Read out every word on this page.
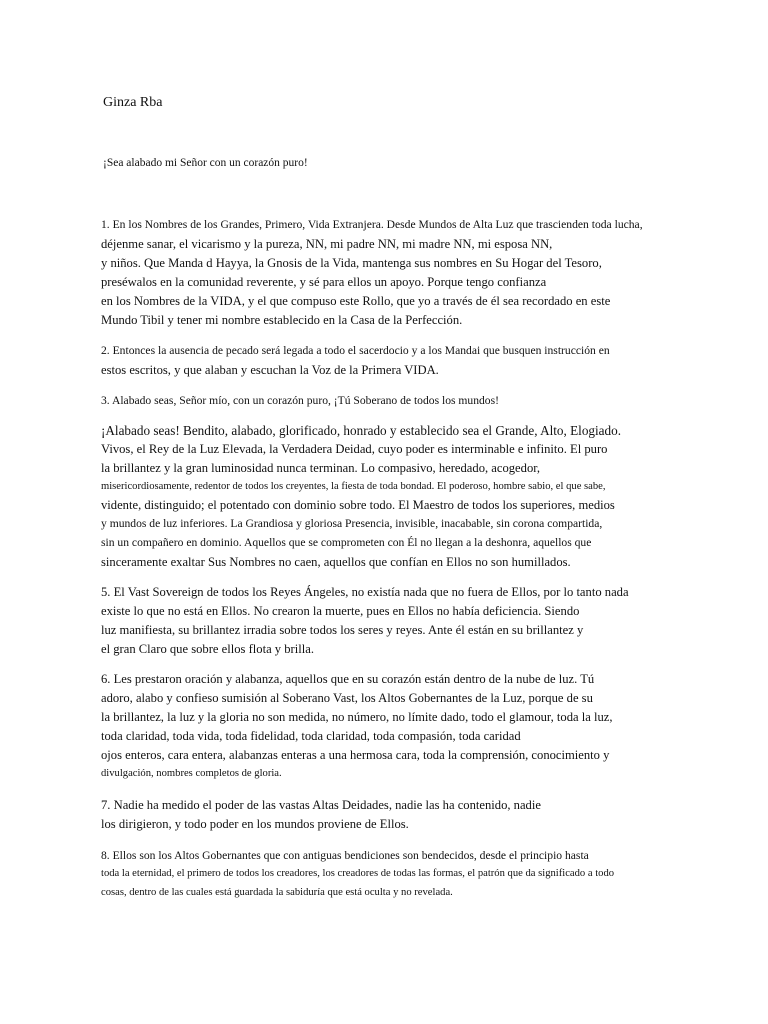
Ginza Rba
¡Sea alabado mi Señor con un corazón puro!
1. En los Nombres de los Grandes, Primero, Vida Extranjera. Desde Mundos de Alta Luz que trascienden toda lucha,
déjenme sanar, el vicarismo y la pureza, NN, mi padre NN, mi madre NN, mi esposa NN,
y niños. Que Manda d Hayya, la Gnosis de la Vida, mantenga sus nombres en Su Hogar del Tesoro,
preséwalos en la comunidad reverente, y sé para ellos un apoyo. Porque tengo confianza
en los Nombres de la VIDA, y el que compuso este Rollo, que yo a través de él sea recordado en este
Mundo Tibil y tener mi nombre establecido en la Casa de la Perfección.
2. Entonces la ausencia de pecado será legada a todo el sacerdocio y a los Mandai que busquen instrucción en
estos escritos, y que alaban y escuchan la Voz de la Primera VIDA.
3. Alabado seas, Señor mío, con un corazón puro, ¡Tú Soberano de todos los mundos!
¡Alabado seas! Bendito, alabado, glorificado, honrado y establecido sea el Grande, Alto, Elogiado.
Vivos, el Rey de la Luz Elevada, la Verdadera Deidad, cuyo poder es interminable e infinito. El puro
la brillantez y la gran luminosidad nunca terminan. Lo compasivo, heredado, acogedor,
misericordiosamente, redentor de todos los creyentes, la fiesta de toda bondad. El poderoso, hombre sabio, el que sabe,
vidente, distinguido; el potentado con dominio sobre todo. El Maestro de todos los superiores, medios
y mundos de luz inferiores. La Grandiosa y gloriosa Presencia, invisible, inacabable, sin corona compartida,
sin un compañero en dominio. Aquellos que se comprometen con Él no llegan a la deshonra, aquellos que
sinceramente exaltar Sus Nombres no caen, aquellos que confían en Ellos no son humillados.
5. El Vast Sovereign de todos los Reyes Ángeles, no existía nada que no fuera de Ellos, por lo tanto nada
existe lo que no está en Ellos. No crearon la muerte, pues en Ellos no había deficiencia. Siendo
luz manifiesta, su brillantez irradia sobre todos los seres y reyes. Ante él están en su brillantez y
el gran Claro que sobre ellos flota y brilla.
6. Les prestaron oración y alabanza, aquellos que en su corazón están dentro de la nube de luz. Tú
adoro, alabo y confieso sumisión al Soberano Vast, los Altos Gobernantes de la Luz, porque de su
la brillantez, la luz y la gloria no son medida, no número, no límite dado, todo el glamour, toda la luz,
toda claridad, toda vida, toda fidelidad, toda claridad, toda compasión, toda caridad
ojos enteros, cara entera, alabanzas enteras a una hermosa cara, toda la comprensión, conocimiento y
divulgación, nombres completos de gloria.
7. Nadie ha medido el poder de las vastas Altas Deidades, nadie las ha contenido, nadie
los dirigieron, y todo poder en los mundos proviene de Ellos.
8. Ellos son los Altos Gobernantes que con antiguas bendiciones son bendecidos, desde el principio hasta
toda la eternidad, el primero de todos los creadores, los creadores de todas las formas, el patrón que da significado a todo
cosas, dentro de las cuales está guardada la sabiduría que está oculta y no revelada.
